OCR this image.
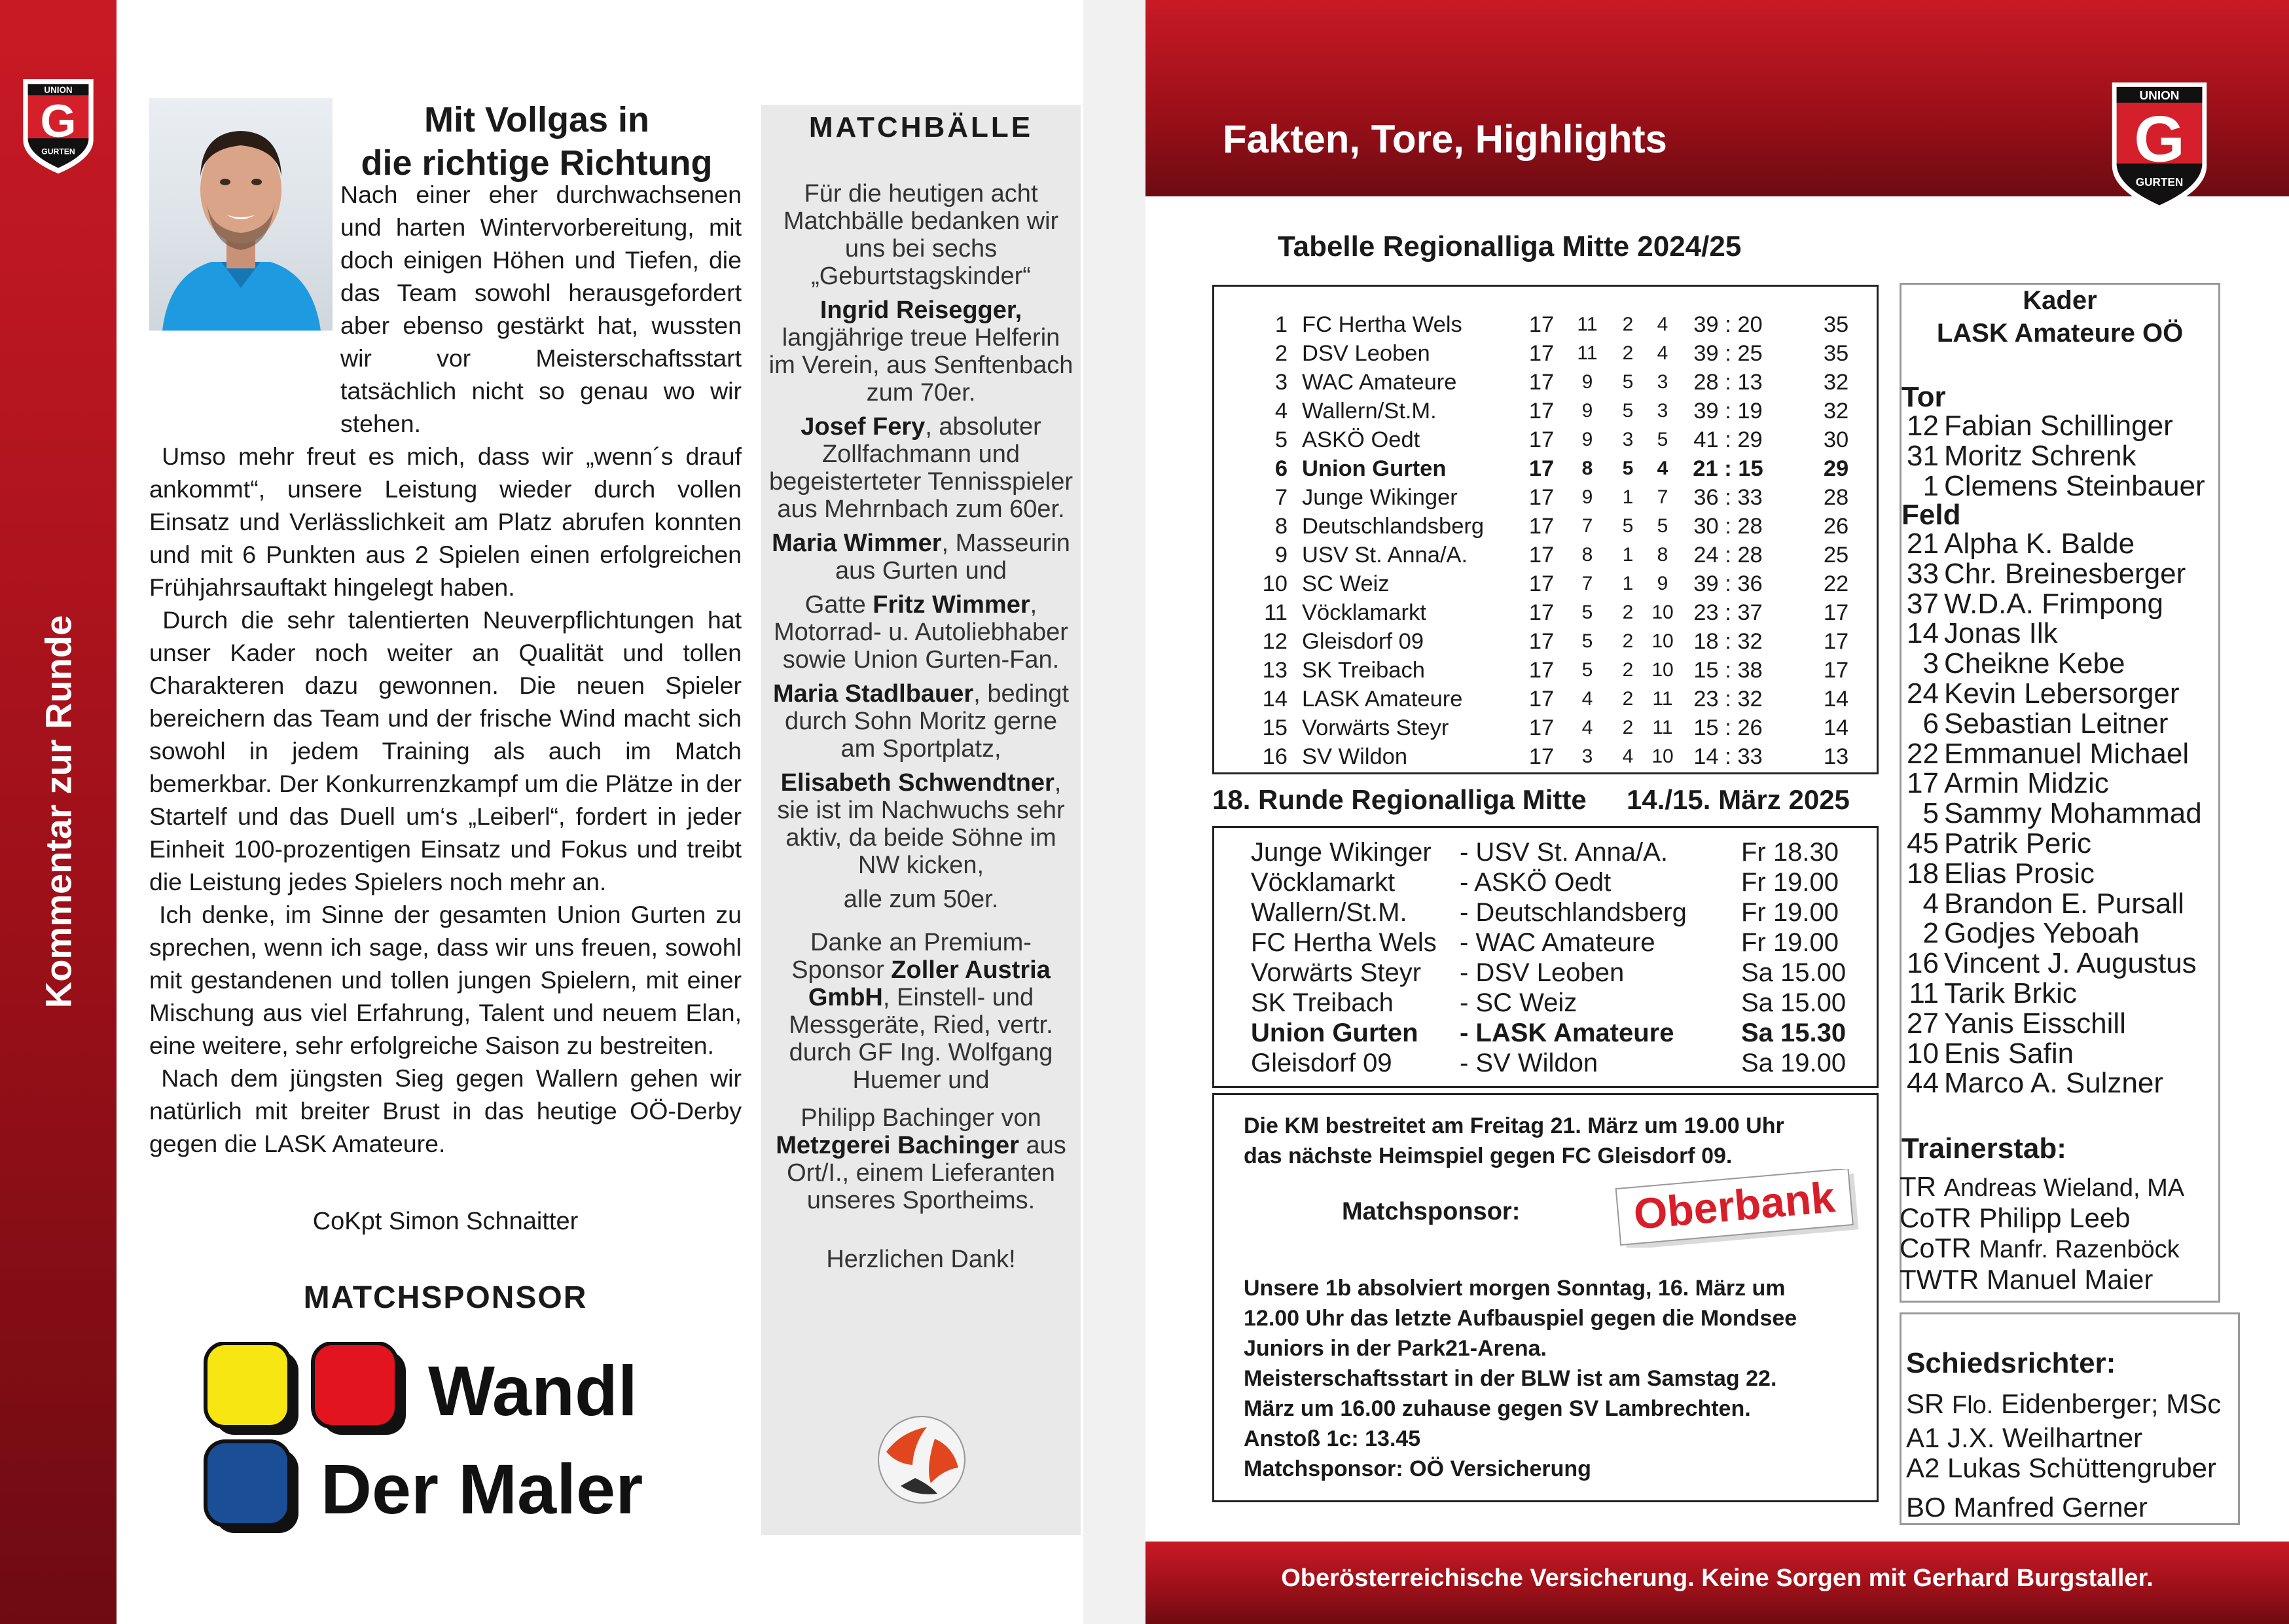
UNION
G
GURTEN
Kommentar zur Runde
Mit Vollgas in
die richtige Richtung

Nach einer eher durchwachsenen und harten Wintervorbereitung, mit doch einigen Höhen und Tiefen, die das Team sowohl herausgefordert aber ebenso gestärkt hat, wussten wir vor Meisterschaftsstart tatsächlich nicht so genau wo wir stehen.

Umso mehr freut es mich, dass wir „wenn´s drauf ankommt“, unsere Leistung wieder durch vollen Einsatz und Verlässlichkeit am Platz abrufen konnten und mit 6 Punkten aus 2 Spielen einen erfolgreichen Frühjahrsauftakt hingelegt haben.

Durch die sehr talentierten Neuverpflichtungen hat unser Kader noch weiter an Qualität und tollen Charakteren dazu gewonnen. Die neuen Spieler bereichern das Team und der frische Wind macht sich sowohl in jedem Training als auch im Match bemerkbar. Der Konkurrenzkampf um die Plätze in der Startelf und das Duell um‘s „Leiberl“, fordert in jeder Einheit 100-prozentigen Einsatz und Fokus und treibt die Leistung jedes Spielers noch mehr an.

Ich denke, im Sinne der gesamten Union Gurten zu sprechen, wenn ich sage, dass wir uns freuen, sowohl mit gestandenen und tollen jungen Spielern, mit einer Mischung aus viel Erfahrung, Talent und neuem Elan, eine weitere, sehr erfolgreiche Saison zu bestreiten.

Nach dem jüngsten Sieg gegen Wallern gehen wir natürlich mit breiter Brust in das heutige OÖ-Derby gegen die LASK Amateure.

CoKpt Simon Schnaitter
MATCHSPONSOR
Wandl
Der Maler
MATCHBÄLLE

Für die heutigen acht Matchbälle bedanken wir uns bei sechs „Geburtstagskinder“

Ingrid Reisegger, langjährige treue Helferin im Verein, aus Senftenbach zum 70er.

Josef Fery, absoluter Zollfachmann und begeisterteter Tennisspieler aus Mehrnbach zum 60er.

Maria Wimmer, Masseurin aus Gurten und

Gatte Fritz Wimmer, Motorrad- u. Autoliebhaber sowie Union Gurten-Fan.

Maria Stadlbauer, bedingt durch Sohn Moritz gerne am Sportplatz,

Elisabeth Schwendtner, sie ist im Nachwuchs sehr aktiv, da beide Söhne im NW kicken,

alle zum 50er.

Danke an Premium-Sponsor Zoller Austria GmbH, Einstell- und Messgeräte, Ried, vertr. durch GF Ing. Wolfgang Huemer und

Philipp Bachinger von Metzgerei Bachinger aus Ort/I., einem Lieferanten unseres Sportheims.

Herzlichen Dank!

Fakten, Tore, Highlights
UNION
G
GURTEN
Tabelle Regionalliga Mitte 2024/25
1 FC Hertha Wels	17 11	2	4	39 : 20	35
2 DSV Leoben	17 11	2	4	39 : 25	35
3 WAC Amateure	17	9	5	3	28 : 13	32
4 Wallern/St.M.	17	9	5	3	39 : 19	32
5 ASKÖ Oedt	17	9	3	5	41 : 29	30
6 Union Gurten	17	8	5	4	21 : 15	29
7 Junge Wikinger	17	9	1	7	36 : 33	28
8 Deutschlandsberg 17	7	5	5	30 : 28	26
9 USV St. Anna/A.	17	8	1	8	24 : 28	25
10 SC Weiz	17	7	1	9	39 : 36	22
11 Vöcklamarkt	17	5	2 10 23 : 37	17
12 Gleisdorf 09	17	5	2 10 18 : 32	17
13 SK Treibach	17	5	2 10 15 : 38	17
14 LASK Amateure	17	4	2 11 23 : 32	14
15 Vorwärts Steyr	17	4	2 11 15 : 26	14
16 SV Wildon	17	3	4 10 14 : 33	13
18. Runde Regionalliga Mitte 14./15. März 2025
Junge Wikinger - USV St. Anna/A.	Fr 18.30
Vöcklamarkt - ASKÖ Oedt	Fr 19.00
Wallern/St.M. - Deutschlandsberg Fr 19.00
FC Hertha Wels - WAC Amateure	Fr 19.00
Vorwärts Steyr - DSV Leoben	Sa 15.00
SK Treibach	- SC Weiz	Sa 15.00
Union Gurten - LASK Amateure	Sa 15.30
Gleisdorf 09	- SV Wildon	Sa 19.00
Die KM bestreitet am Freitag 21. März um 19.00 Uhr
das nächste Heimspiel gegen FC Gleisdorf 09.
Matchsponsor:	Oberbank
Unsere 1b absolviert morgen Sonntag, 16. März um
12.00 Uhr das letzte Aufbauspiel gegen die Mondsee
Juniors in der Park21-Arena.
Meisterschaftsstart in der BLW ist am Samstag 22.
März um 16.00 zuhause gegen SV Lambrechten.
Anstoß 1c: 13.45
Matchsponsor: OÖ Versicherung
Kader
LASK Amateure OÖ
Tor
12 Fabian Schillinger
31 Moritz Schrenk
1 Clemens Steinbauer
Feld
21 Alpha K. Balde
33 Chr. Breinesberger
37 W.D.A. Frimpong
14 Jonas Ilk
3 Cheikne Kebe
24 Kevin Lebersorger
6 Sebastian Leitner
22 Emmanuel Michael
17 Armin Midzic
5 Sammy Mohammad
45 Patrik Peric
18 Elias Prosic
4 Brandon E. Pursall
2 Godjes Yeboah
16 Vincent J. Augustus
11 Tarik Brkic
27 Yanis Eisschill
10 Enis Safin
44 Marco A. Sulzner
Trainerstab:
TR Andreas Wieland, MA
CoTR Philipp Leeb
CoTR Manfr. Razenböck
TWTR Manuel Maier
Schiedsrichter:
SR Flo. Eidenberger; MSc
A1 J.X. Weilhartner
A2 Lukas Schüttengruber
BO Manfred Gerner
Oberösterreichische Versicherung. Keine Sorgen mit Gerhard Burgstaller.
